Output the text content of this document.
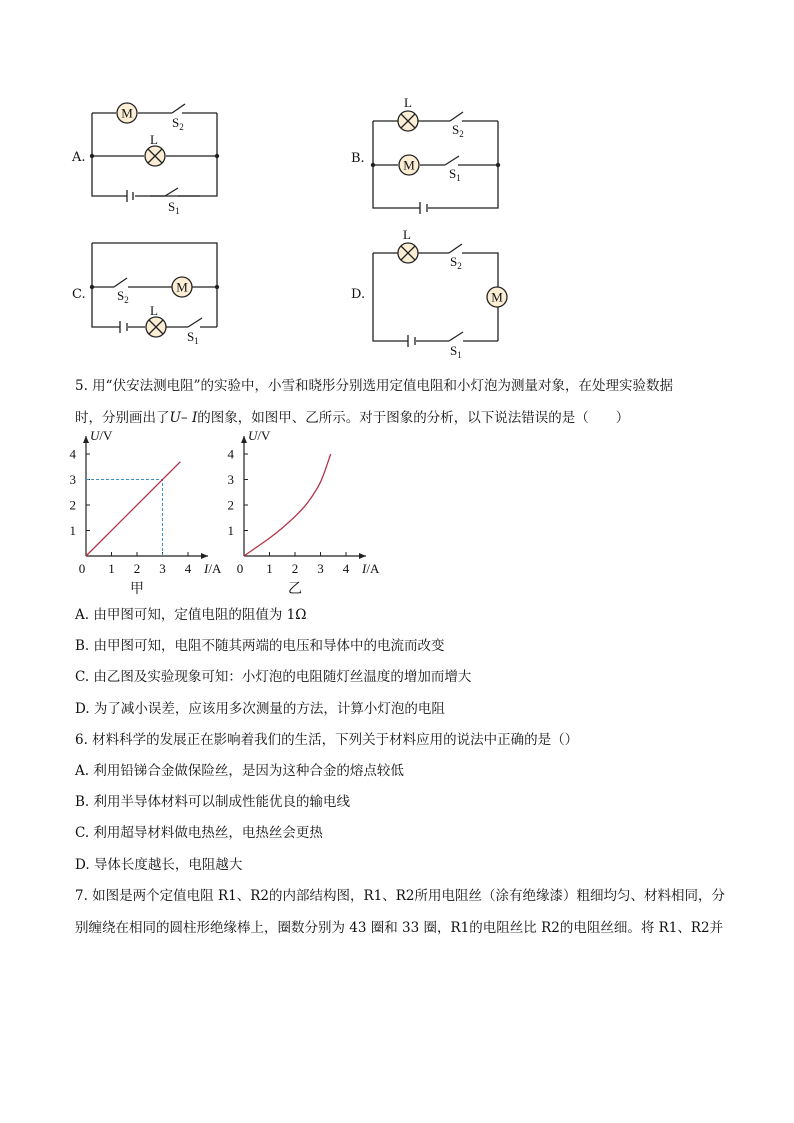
M
L
$S_2$
$S_1$
L
$S_2$
M
$S_1$
$S_2$
M
L
$S_1$
L
$S_2$
M
$S_1$
A.	B.
C.	D.
5. 用“伏安法测电阻”的实验中，小雪和晓彤分别选用定值电阻和小灯泡为测量对象，在处理实验数据
时，分别画出了U– I的图象，如图甲、乙所示。对于图象的分析，以下说法错误的是（　　）
0 1 2 3 4
1
2
3
4
U/V
I/A
甲
0 1 2 3 4
1
2
3
4
U/V
I/A
乙
A. 由甲图可知，定值电阻的阻值为 1Ω
B. 由甲图可知，电阻不随其两端的电压和导体中的电流而改变
C. 由乙图及实验现象可知：小灯泡的电阻随灯丝温度的增加而增大
D. 为了减小误差，应该用多次测量的方法，计算小灯泡的电阻
6. 材料科学的发展正在影响着我们的生活，下列关于材料应用的说法中正确的是（）
A. 利用铅锑合金做保险丝，是因为这种合金的熔点较低
B. 利用半导体材料可以制成性能优良的输电线
C. 利用超导材料做电热丝，电热丝会更热
D. 导体长度越长，电阻越大
7. 如图是两个定值电阻 R1、R2的内部结构图，R1、R2所用电阻丝（涂有绝缘漆）粗细均匀、材料相同，分
别缠绕在相同的圆柱形绝缘棒上，圈数分别为 43 圈和 33 圈，R1的电阻丝比 R2的电阻丝细。将 R1、R2并
